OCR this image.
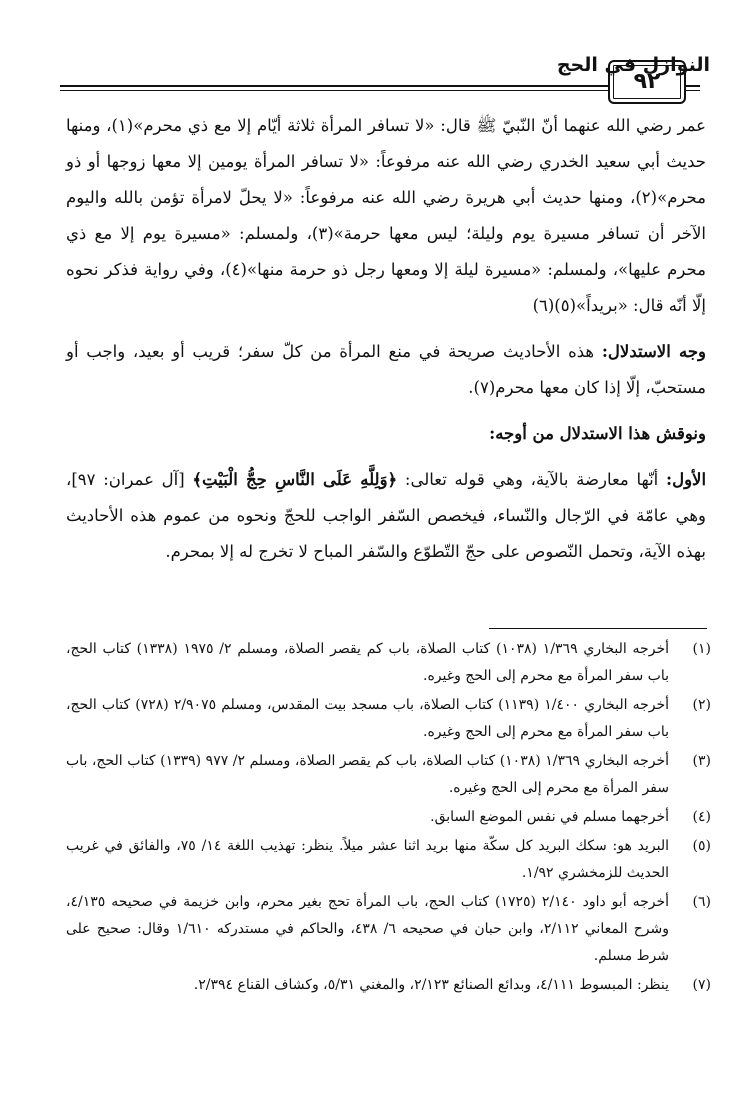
٩٢
النوازل في الحج

عمر رضي الله عنهما أنّ النّبيّ ﷺ قال: «لا تسافر المرأة ثلاثة أيّام إلا مع ذي محرم»(١)، ومنها حديث أبي سعيد الخدري رضي الله عنه مرفوعاً: «لا تسافر المرأة يومين إلا معها زوجها أو ذو محرم»(٢)، ومنها حديث أبي هريرة رضي الله عنه مرفوعاً: «لا يحلّ لامرأة تؤمن بالله واليوم الآخر أن تسافر مسيرة يوم وليلة؛ ليس معها حرمة»(٣)، ولمسلم: «مسيرة يوم إلا مع ذي محرم عليها»، ولمسلم: «مسيرة ليلة إلا ومعها رجل ذو حرمة منها»(٤)، وفي رواية فذكر نحوه إلّا أنّه قال: «بريداً»(٥)(٦)

وجه الاستدلال: هذه الأحاديث صريحة في منع المرأة من كلّ سفر؛ قريب أو بعيد، واجب أو مستحبّ، إلّا إذا كان معها محرم(٧).

ونوقش هذا الاستدلال من أوجه:

الأول: أنّها معارضة بالآية، وهي قوله تعالى: ﴿وَلِلَّهِ عَلَى النَّاسِ حِجُّ الْبَيْتِ﴾ [آل عمران: ٩٧]، وهي عامّة في الرّجال والنّساء، فيخصص السّفر الواجب للحجّ ونحوه من عموم هذه الأحاديث بهذه الآية، وتحمل النّصوص على حجّ التّطوّع والسّفر المباح لا تخرج له إلا بمحرم.

(١)
أخرجه البخاري ١/٣٦٩ (١٠٣٨) كتاب الصلاة، باب كم يقصر الصلاة، ومسلم ٢/ ١٩٧٥ (١٣٣٨) كتاب الحج، باب سفر المرأة مع محرم إلى الحج وغيره.

(٢)
أخرجه البخاري ١/٤٠٠ (١١٣٩) كتاب الصلاة، باب مسجد بيت المقدس، ومسلم ٢/٩٠٧٥ (٧٢٨) كتاب الحج، باب سفر المرأة مع محرم إلى الحج وغيره.

(٣)
أخرجه البخاري ١/٣٦٩ (١٠٣٨) كتاب الصلاة، باب كم يقصر الصلاة، ومسلم ٢/ ٩٧٧ (١٣٣٩) كتاب الحج، باب سفر المرأة مع محرم إلى الحج وغيره.

(٤)
أخرجهما مسلم في نفس الموضع السابق.

(٥)
البريد هو: سكك البريد كل سكّة منها بريد اثنا عشر ميلاً. ينظر: تهذيب اللغة ١٤/ ٧٥، والفائق في غريب الحديث للزمخشري ١/٩٢.

(٦)
أخرجه أبو داود ٢/١٤٠ (١٧٢٥) كتاب الحج، باب المرأة تحج بغير محرم، وابن خزيمة في صحيحه ٤/١٣٥، وشرح المعاني ٢/١١٢، وابن حبان في صحيحه ٦/ ٤٣٨، والحاكم في مستدركه ١/٦١٠ وقال: صحيح على شرط مسلم.

(٧)
ينظر: المبسوط ٤/١١١، وبدائع الصنائع ٢/١٢٣، والمغني ٥/٣١، وكشاف القناع ٢/٣٩٤.
